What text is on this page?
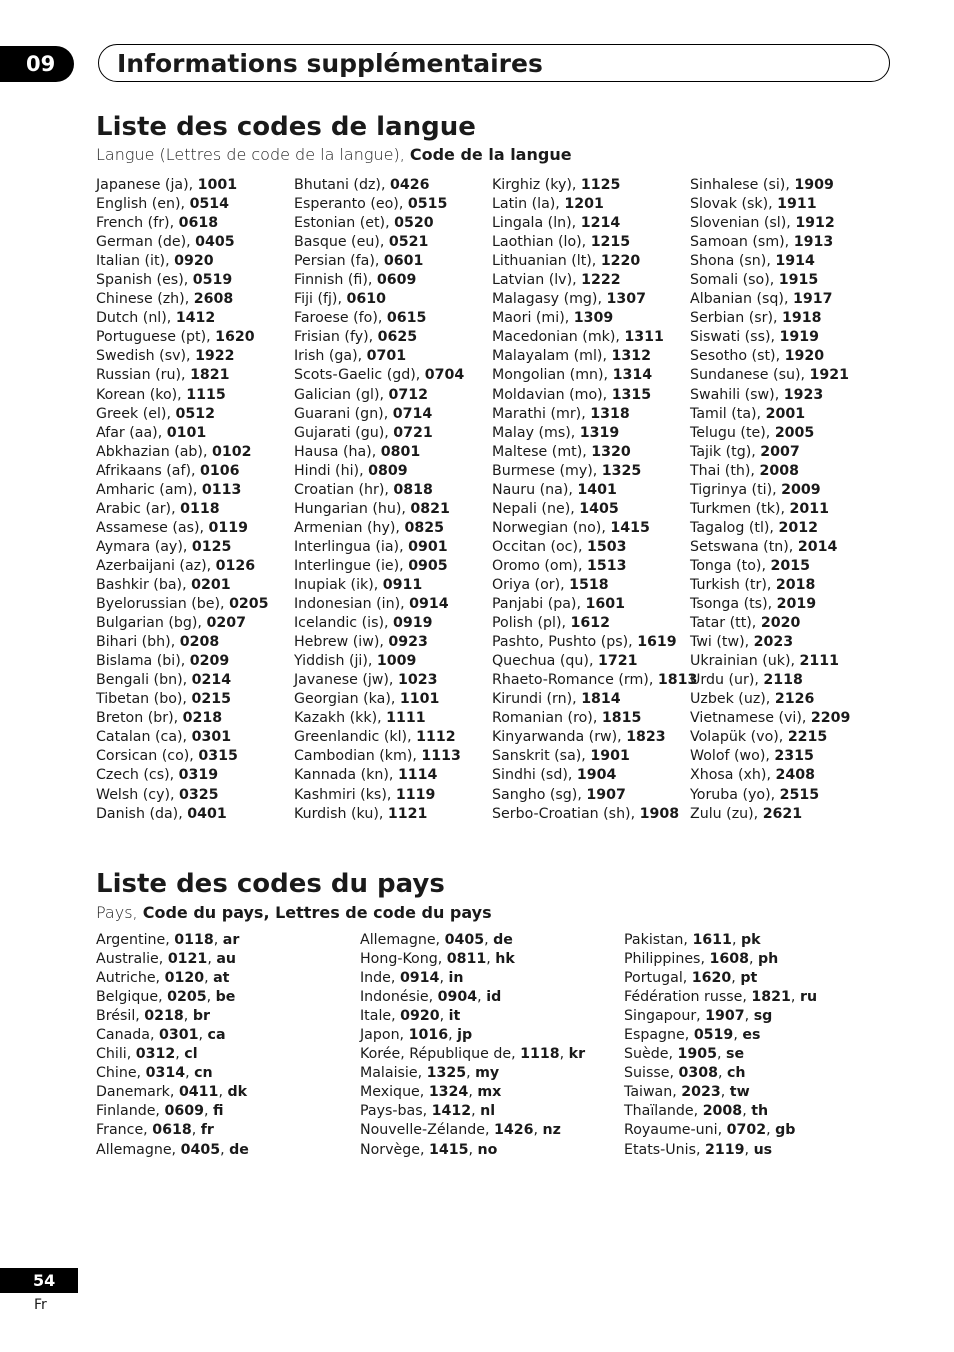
09	Informations supplémentaires
Liste des codes de langue
Langue (Lettres de code de la langue), Code de la langue
Japanese (ja), 1001
English (en), 0514
French (fr), 0618
German (de), 0405
Italian (it), 0920
Spanish (es), 0519
Chinese (zh), 2608
Dutch (nl), 1412
Portuguese (pt), 1620
Swedish (sv), 1922
Russian (ru), 1821
Korean (ko), 1115
Greek (el), 0512
Afar (aa), 0101
Abkhazian (ab), 0102
Afrikaans (af), 0106
Amharic (am), 0113
Arabic (ar), 0118
Assamese (as), 0119
Aymara (ay), 0125
Azerbaijani (az), 0126
Bashkir (ba), 0201
Byelorussian (be), 0205
Bulgarian (bg), 0207
Bihari (bh), 0208
Bislama (bi), 0209
Bengali (bn), 0214
Tibetan (bo), 0215
Breton (br), 0218
Catalan (ca), 0301
Corsican (co), 0315
Czech (cs), 0319
Welsh (cy), 0325
Danish (da), 0401
Bhutani (dz), 0426
Esperanto (eo), 0515
Estonian (et), 0520
Basque (eu), 0521
Persian (fa), 0601
Finnish (fi), 0609
Fiji (fj), 0610
Faroese (fo), 0615
Frisian (fy), 0625
Irish (ga), 0701
Scots-Gaelic (gd), 0704
Galician (gl), 0712
Guarani (gn), 0714
Gujarati (gu), 0721
Hausa (ha), 0801
Hindi (hi), 0809
Croatian (hr), 0818
Hungarian (hu), 0821
Armenian (hy), 0825
Interlingua (ia), 0901
Interlingue (ie), 0905
Inupiak (ik), 0911
Indonesian (in), 0914
Icelandic (is), 0919
Hebrew (iw), 0923
Yiddish (ji), 1009
Javanese (jw), 1023
Georgian (ka), 1101
Kazakh (kk), 1111
Greenlandic (kl), 1112
Cambodian (km), 1113
Kannada (kn), 1114
Kashmiri (ks), 1119
Kurdish (ku), 1121
Kirghiz (ky), 1125
Latin (la), 1201
Lingala (ln), 1214
Laothian (lo), 1215
Lithuanian (lt), 1220
Latvian (lv), 1222
Malagasy (mg), 1307
Maori (mi), 1309
Macedonian (mk), 1311
Malayalam (ml), 1312
Mongolian (mn), 1314
Moldavian (mo), 1315
Marathi (mr), 1318
Malay (ms), 1319
Maltese (mt), 1320
Burmese (my), 1325
Nauru (na), 1401
Nepali (ne), 1405
Norwegian (no), 1415
Occitan (oc), 1503
Oromo (om), 1513
Oriya (or), 1518
Panjabi (pa), 1601
Polish (pl), 1612
Pashto, Pushto (ps), 1619
Quechua (qu), 1721
Rhaeto-Romance (rm), 1813
Kirundi (rn), 1814
Romanian (ro), 1815
Kinyarwanda (rw), 1823
Sanskrit (sa), 1901
Sindhi (sd), 1904
Sangho (sg), 1907
Serbo-Croatian (sh), 1908
Sinhalese (si), 1909
Slovak (sk), 1911
Slovenian (sl), 1912
Samoan (sm), 1913
Shona (sn), 1914
Somali (so), 1915
Albanian (sq), 1917
Serbian (sr), 1918
Siswati (ss), 1919
Sesotho (st), 1920
Sundanese (su), 1921
Swahili (sw), 1923
Tamil (ta), 2001
Telugu (te), 2005
Tajik (tg), 2007
Thai (th), 2008
Tigrinya (ti), 2009
Turkmen (tk), 2011
Tagalog (tl), 2012
Setswana (tn), 2014
Tonga (to), 2015
Turkish (tr), 2018
Tsonga (ts), 2019
Tatar (tt), 2020
Twi (tw), 2023
Ukrainian (uk), 2111
Urdu (ur), 2118
Uzbek (uz), 2126
Vietnamese (vi), 2209
Volapük (vo), 2215
Wolof (wo), 2315
Xhosa (xh), 2408
Yoruba (yo), 2515
Zulu (zu), 2621
Liste des codes du pays
Pays, Code du pays, Lettres de code du pays
Argentine, 0118, ar
Australie, 0121, au
Autriche, 0120, at
Belgique, 0205, be
Brésil, 0218, br
Canada, 0301, ca
Chili, 0312, cl
Chine, 0314, cn
Danemark, 0411, dk
Finlande, 0609, fi
France, 0618, fr
Allemagne, 0405, de
Allemagne, 0405, de
Hong-Kong, 0811, hk
Inde, 0914, in
Indonésie, 0904, id
Itale, 0920, it
Japon, 1016, jp
Korée, République de, 1118, kr
Malaisie, 1325, my
Mexique, 1324, mx
Pays-bas, 1412, nl
Nouvelle-Zélande, 1426, nz
Norvège, 1415, no
Pakistan, 1611, pk
Philippines, 1608, ph
Portugal, 1620, pt
Fédération russe, 1821, ru
Singapour, 1907, sg
Espagne, 0519, es
Suède, 1905, se
Suisse, 0308, ch
Taiwan, 2023, tw
Thaïlande, 2008, th
Royaume-uni, 0702, gb
Etats-Unis, 2119, us
54
Fr
